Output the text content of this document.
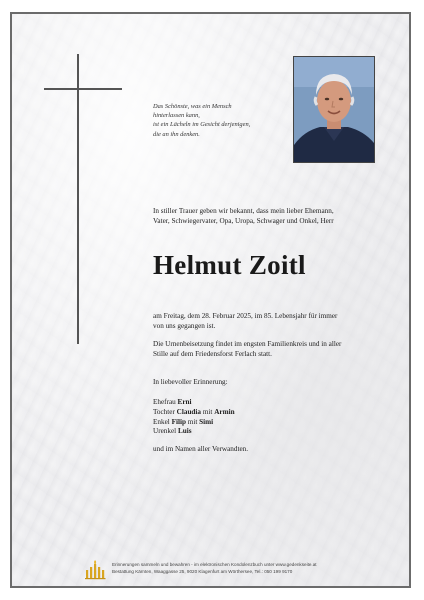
Das Schönste, was ein Mensch
hinterlassen kann,
ist ein Lächeln im Gesicht derjenigen,
die an ihn denken.
In stiller Trauer geben wir bekannt, dass mein lieber Ehemann,
Vater, Schwiegervater, Opa, Uropa, Schwager und Onkel, Herr
Helmut Zoitl
am Freitag, dem 28. Februar 2025, im 85. Lebensjahr für immer
von uns gegangen ist.
Die Urnenbeisetzung findet im engsten Familienkreis und in aller
Stille auf dem Friedensforst Ferlach statt.
In liebevoller Erinnerung:
Ehefrau Erni
Tochter Claudia mit Armin
Enkel Filip mit Simi
Urenkel Luis
und im Namen aller Verwandten.
Erinnerungen sammeln und bewahren - im elektronischen Kondolenzbuch unter www.gedenkseite.at
Bestattung Kärnten, Waaggasse 25, 9020 Klagenfurt am Wörthersee, Tel.: 050 199 9170
